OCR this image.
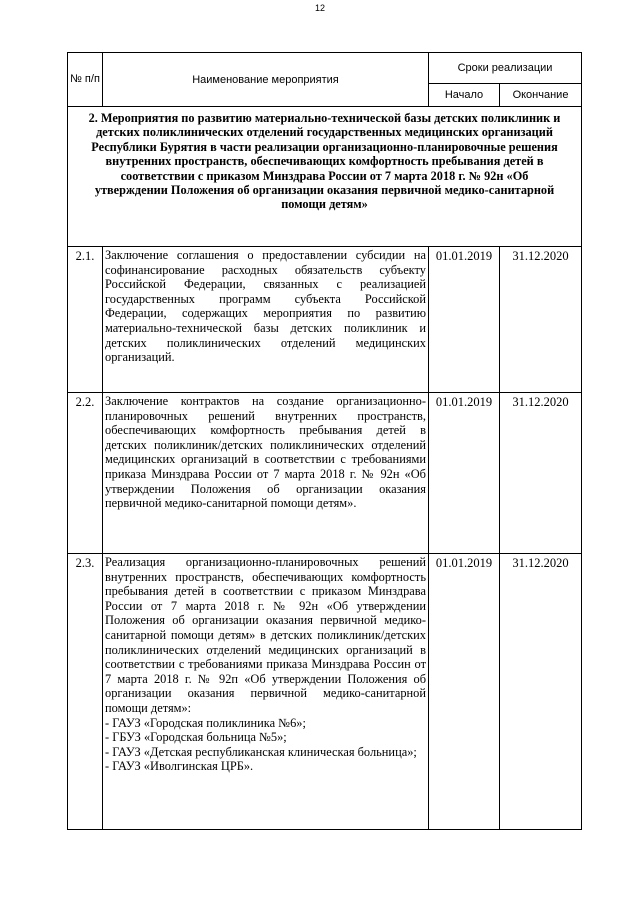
12
№ п/п	Наименование мероприятия	Сроки реализации	
		Начало	Окончание
2. Мероприятия по развитию материально-технической базы детских поликлиник и детских поликлинических отделений государственных медицинских организаций Республики Бурятия в части реализации организационно-планировочные решения внутренних пространств, обеспечивающих комфортность пребывания детей в соответствии с приказом Минздрава России от 7 марта 2018 г. № 92н «Об утверждении Положения об организации оказания первичной медико-санитарной помощи детям»			
2.1.	Заключение соглашения о предоставлении субсидии на софинансирование расходных обязательств субъекту Российской Федерации, связанных с реализацией государственных программ субъекта Российской Федерации, содержащих мероприятия по развитию материально-технической базы детских поликлиник и детских поликлинических отделений медицинских организаций.	01.01.2019	31.12.2020
2.2.	Заключение контрактов на создание организационно-планировочных решений внутренних пространств, обеспечивающих комфортность пребывания детей в детских поликлиник/детских поликлинических отделений медицинских организаций в соответствии с требованиями приказа Минздрава России от 7 марта 2018 г. № 92н «Об утверждении Положения об организации оказания первичной медико-санитарной помощи детям».	01.01.2019	31.12.2020
2.3.	Реализация организационно-планировочных решений внутренних пространств, обеспечивающих комфортность пребывания детей в соответствии с приказом Минздрава России от 7 марта 2018 г. № 92н «Об утверждении Положения об организации оказания первичной медико-санитарной помощи детям» в детских поликлиник/детских поликлинических отделений медицинских организаций в соответствии с требованиями приказа Минздрава Россин от 7 марта 2018 г. № 92п «Об утверждении Положения об организации оказания первичной медико-санитарной помощи детям»:
- ГАУЗ «Городская поликлиника №6»;
- ГБУЗ «Городская больница №5»;
- ГАУЗ «Детская республиканская клиническая больница»;
- ГАУЗ «Иволгинская ЦРБ».	01.01.2019	31.12.2020
